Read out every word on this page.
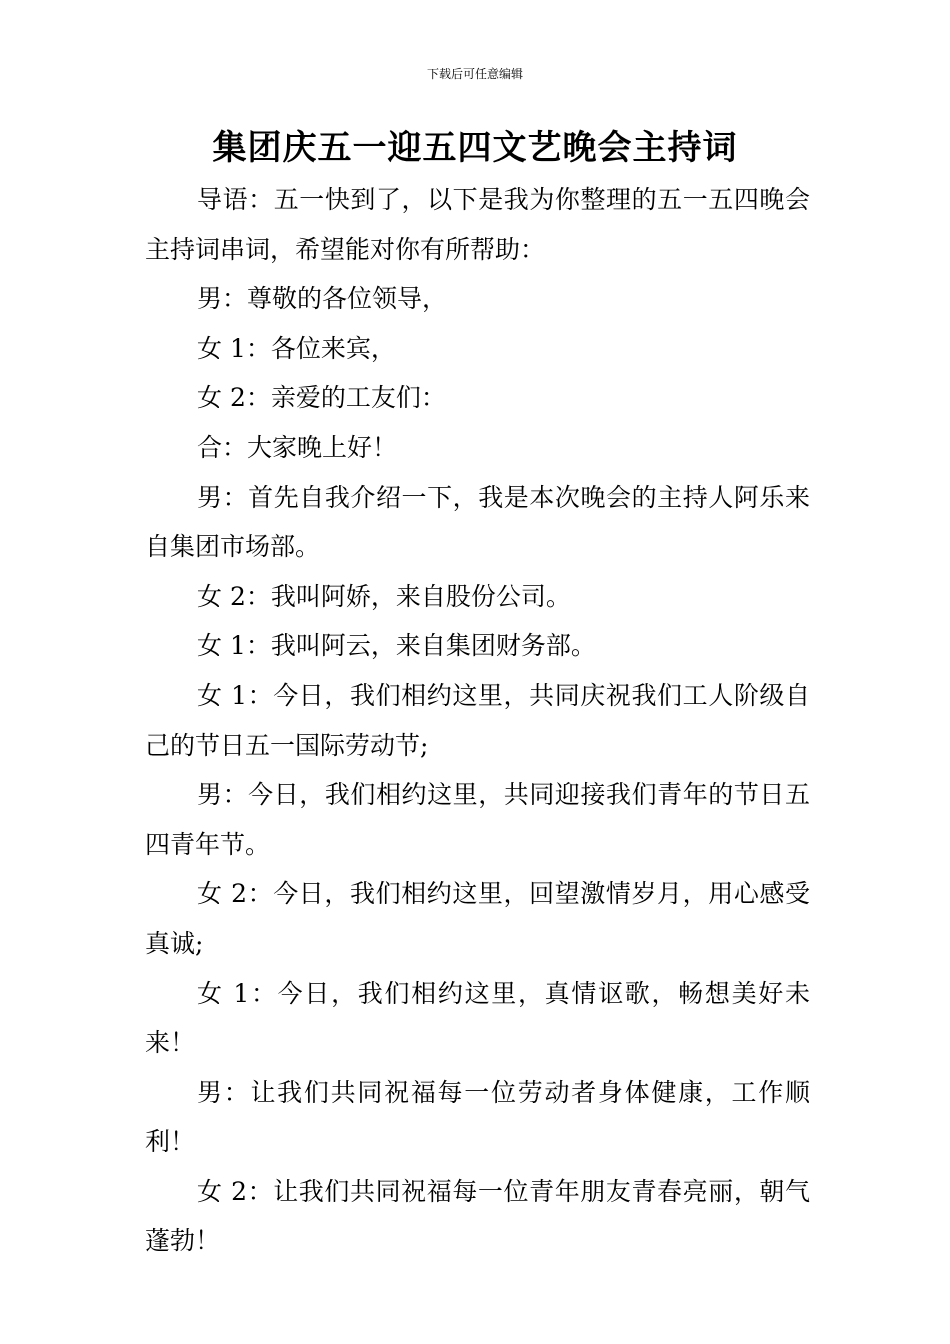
下载后可任意编辑
集团庆五一迎五四文艺晚会主持词

导语：五一快到了，以下是我为你整理的五一五四晚会主持词串词，希望能对你有所帮助：

男：尊敬的各位领导，

女 1：各位来宾，

女 2：亲爱的工友们：

合：大家晚上好！

男：首先自我介绍一下，我是本次晚会的主持人阿乐来自集团市场部。

女 2：我叫阿娇，来自股份公司。

女 1：我叫阿云，来自集团财务部。

女 1：今日，我们相约这里，共同庆祝我们工人阶级自己的节日五一国际劳动节;

男：今日，我们相约这里，共同迎接我们青年的节日五四青年节。

女 2：今日，我们相约这里，回望激情岁月，用心感受真诚;

女 1：今日，我们相约这里，真情讴歌，畅想美好未来！

男：让我们共同祝福每一位劳动者身体健康，工作顺利！

女 2：让我们共同祝福每一位青年朋友青春亮丽，朝气蓬勃！
